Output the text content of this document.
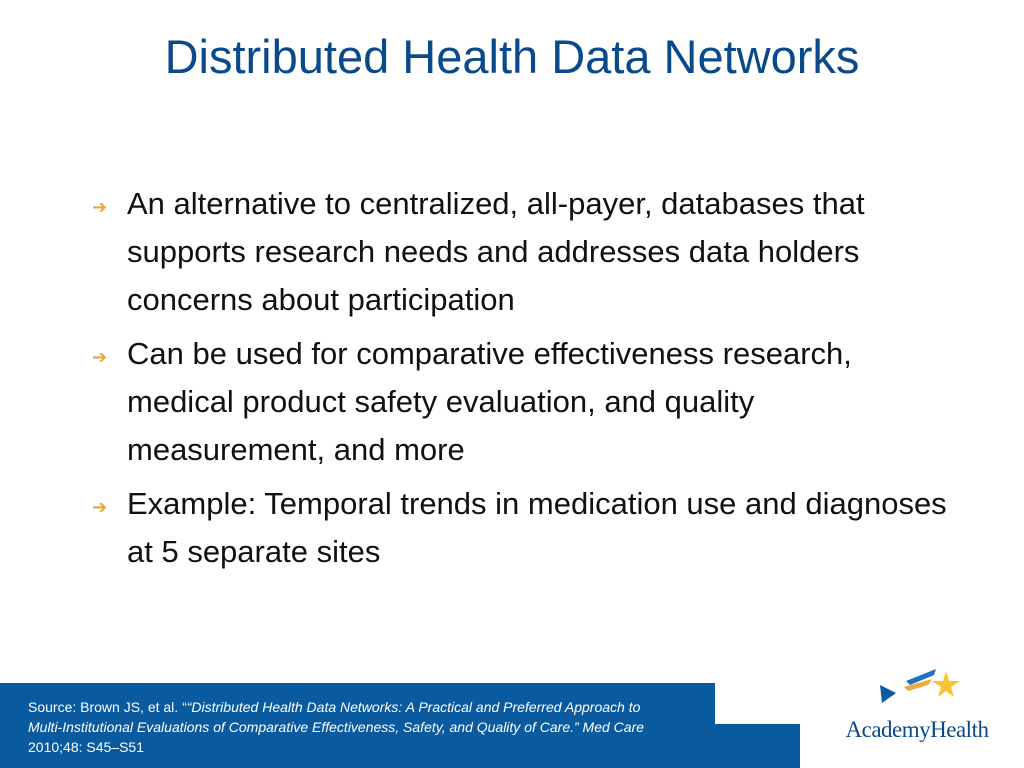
Distributed Health Data Networks
➔ An alternative to centralized, all-payer, databases that supports research needs and addresses data holders concerns about participation
➔ Can be used for comparative effectiveness research, medical product safety evaluation, and quality measurement, and more
➔ Example: Temporal trends in medication use and diagnoses at 5 separate sites
Source: Brown JS, et al. ““Distributed Health Data Networks: A Practical and Preferred Approach to Multi-Institutional Evaluations of Comparative Effectiveness, Safety, and Quality of Care.” Med Care 2010;48: S45–S51
AcademyHealth
